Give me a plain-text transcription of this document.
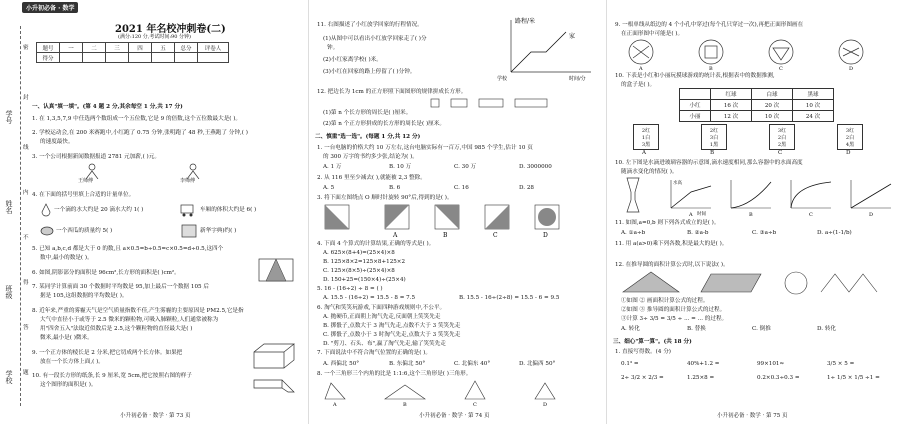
小升初必备 · 数学
学号
姓名
班级
学校
密
封
线
内
不
得
答
题
2021 年名校冲刺卷(二)
(满分:120 分,考试时间:90 分钟)
题号	一	二	三	四	五	总分	评卷人
得分							
一、认真"填一填"。(第 4 题 2 分,其余每空 1 分,共 17 分)
1. 在 1,3,5,7,9 中任选两个数组成一个五位数,它是 9 的倍数,这个五位数最大是( )。
2. 学校运动会,在 200 米赛跑中,小红跑了 0.75 分钟,张明跑了 48 秒,王燕跑了 分钟,( )
的速度最快。
3. 一个公司根据新闻数据报道 2781 元加薪,( )元。
王师傅	李师傅
4. 在下面的括号里填上合适的计量单位。
一个滴的水大约是 20 滴水大约 1( )	车厢的体积大约是 6( )
一个西瓜的质量约 5( )	新华字典)约( )
5. 已知 a,b,c,d 都是大于 0 的数,且 a×0.5=b÷0.5=c×0.5=d÷0.5,这四个
数中,最小的数是( )。
6. 如图,阴影部分的面积是 96cm²,长方形的面积是( )cm²。
7. 某同学计算前面 30 个数据时平均数是 95,加上最后一个数据 105 后
据是 105,这组数据的平均数是( )。
8. 近年来,严重的雾霾天气是空气质量指数不佳,产生雾霾的主要原因是 PM2.5,它是指
大气中直径小于或等于 2.5 微米的颗粒物,可吸入肺颗粒,人们通常被称为
用"四舍五入"法取近似数后是 2.5,这个颗粒物的直径最大是( )
微米,最小是( )微米。
9. 一个正方体的棱长是 2 分米,把它切成两个长方体。如果把
放在一个长方体上面,( )。
10. 有一段长方形的纸条,长 9 厘米,宽 5cm,把它按照右图的样子
这个图形的面积是( )。
小升初必备 · 数学 · 第 73 页
11. 右图描述了小红放学回家的行程情况。
(1)从图中可以看出小红放学回家走了( )分
钟。
(2)小红家离学校( )米。
(3)小红在回家的路上停留了( )分钟。
路程/米
家
学校	时间/分
12. 把边长为 1cm 的正方形照下面图形的规律拼成长方形。
(1)第 n 个长方形的周长是( )厘米。
(2)第 n 个正方形拼成的长方形的周长是( )厘米。
二、慎重"选一选"。(每题 1 分,共 12 分)
1. 一台电脑的价格大约 10 万左右,这台电脑实际有一百万,中国 985 个学生,估计 10 页
的 300 万字的书约多少张,结论为( )。
A. 1 万	B. 10 万	C. 30 万	D. 3000000
2. 从 116 里至少减去( ),就能被 2,3 整除。
A. 5	B. 6	C. 16	D. 28
3. 将下面左图绕点 O 顺时针旋转 90°后,得到的是( )。
A	B	C	D
4. 下面 4 个算式的计算结果,正确的等式是( )。
A. 625×(8+4)=(25×4)×8
B. 125×8×2=125×8+125×2
C. 125×(8×5)÷(25×4)×8
D. 150+25=(150×4)÷(25×4)
5. 16 - (16÷2) ÷ 8 = ( )
A. 15.5 - (16÷2) = 15.5 - 8 = 7.5	B. 15.5 - 16÷(2÷8) = 15.5 - 6 = 9.5
6. 淘气和笑笑玩游戏,下面四种游戏规则中,不公平。
A. 抛硬币,正面朝上淘气先走,反面朝上笑笑先走
B. 掷骰子,点数大于 3 淘气先走,点数不大于 3 笑笑先走
C. 掷骰子,点数小于 3 时淘气先走,点数大于 3 笑笑先走
D. "剪刀、石头、布",赢了淘气先走,输了笑笑先走
7. 下面说法中不符合淘气位置的正确的是( )。
A. 西偏北 50°	B. 东偏北 50°	C. 北偏东 40°	D. 北偏西 50°
8. 一个三角形三个内角的比是 1:1:6,这个三角形是( )三角形。
A	B	C	D
小升初必备 · 数学 · 第 74 页
9. 一根单线从纸边的 4 个小孔中穿过(每个孔只穿过一次),再把正面形图画在
在正面形图中可能是( )。
A	B	C	D
10. 下表是小红和小丽玩摸球游戏的统计表,根据表中的数据推测,
的盒子是( )。
	红球	白球	黑球
小红	16 次	20 次	10 次
小丽	12 次	10 次	24 次
2红
1白
3黑
A
2红
3白
1黑
B
3红
2白
2黑
C
3红
2白
4黑
D
10. 左下图是水滴进玻璃容器的示意图,滴水速度相同,那么容器中的水面高度
随滴水变化的情况( )。
水高
时间
A	B	C	D
11. 如图,a=0,b 则下列各式成立的是( )。
A. ①a÷b	B. ②a-b	C. ③a÷b	D. a÷(1-1/b)
11. 用 a(a>0)乘下列各数,积是最大的是( )。
12. 在推导圆的面积计算公式时,以下说法( )。
①如图 ② 画面积计算公式的过程。
②如图 ③ 推导圆的面积计算公式的过程。
③计算 3÷ 3/5 = 3/5 ÷ ... = ... 的过程。
A. 转化	B. 替换	C. 倒推	D. 转化
三、细心"算一算"。(共 18 分)
1. 直接写得数。(4 分)
0.1³ =	40%+1.2 =	99×101≈	3/5 × 5 =
2÷ 3/2 × 2/3 =	1.25×8 =	0.2×0.3÷0.3 =	1÷ 1/5 × 1/5 ÷1 =
小升初必备 · 数学 · 第 75 页
